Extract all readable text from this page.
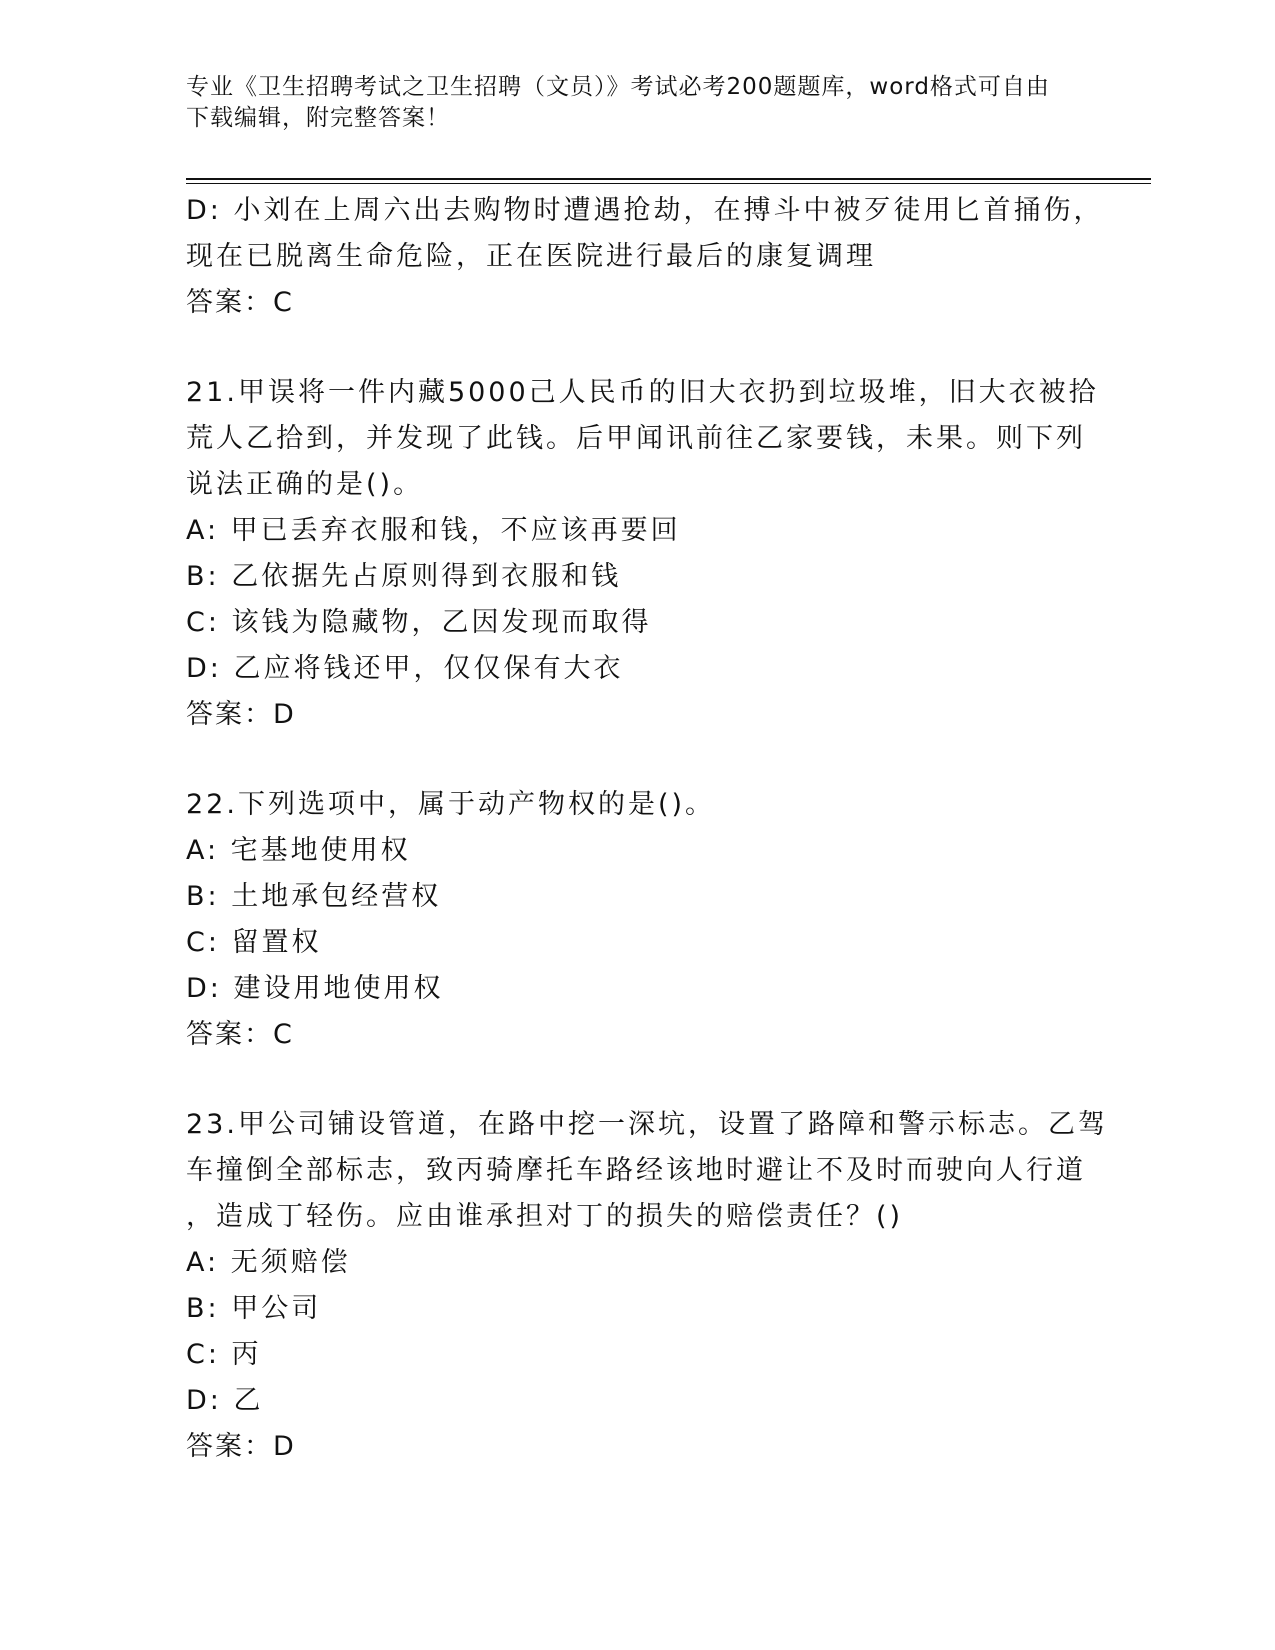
专业《卫生招聘考试之卫生招聘（文员）》考试必考200题题库，word格式可自由下载编辑，附完整答案！
D: 小刘在上周六出去购物时遭遇抢劫，在搏斗中被歹徒用匕首捅伤，
现在已脱离生命危险，正在医院进行最后的康复调理
答案：C
21.甲误将一件内藏5000己人民币的旧大衣扔到垃圾堆，旧大衣被拾
荒人乙拾到，并发现了此钱。后甲闻讯前往乙家要钱，未果。则下列
说法正确的是()。
A: 甲已丢弃衣服和钱，不应该再要回
B: 乙依据先占原则得到衣服和钱
C: 该钱为隐藏物，乙因发现而取得
D: 乙应将钱还甲，仅仅保有大衣
答案：D
22.下列选项中，属于动产物权的是()。
A: 宅基地使用权
B: 土地承包经营权
C: 留置权
D: 建设用地使用权
答案：C
23.甲公司铺设管道，在路中挖一深坑，设置了路障和警示标志。乙驾
车撞倒全部标志，致丙骑摩托车路经该地时避让不及时而驶向人行道
，造成丁轻伤。应由谁承担对丁的损失的赔偿责任？()
A: 无须赔偿
B: 甲公司
C: 丙
D: 乙
答案：D
